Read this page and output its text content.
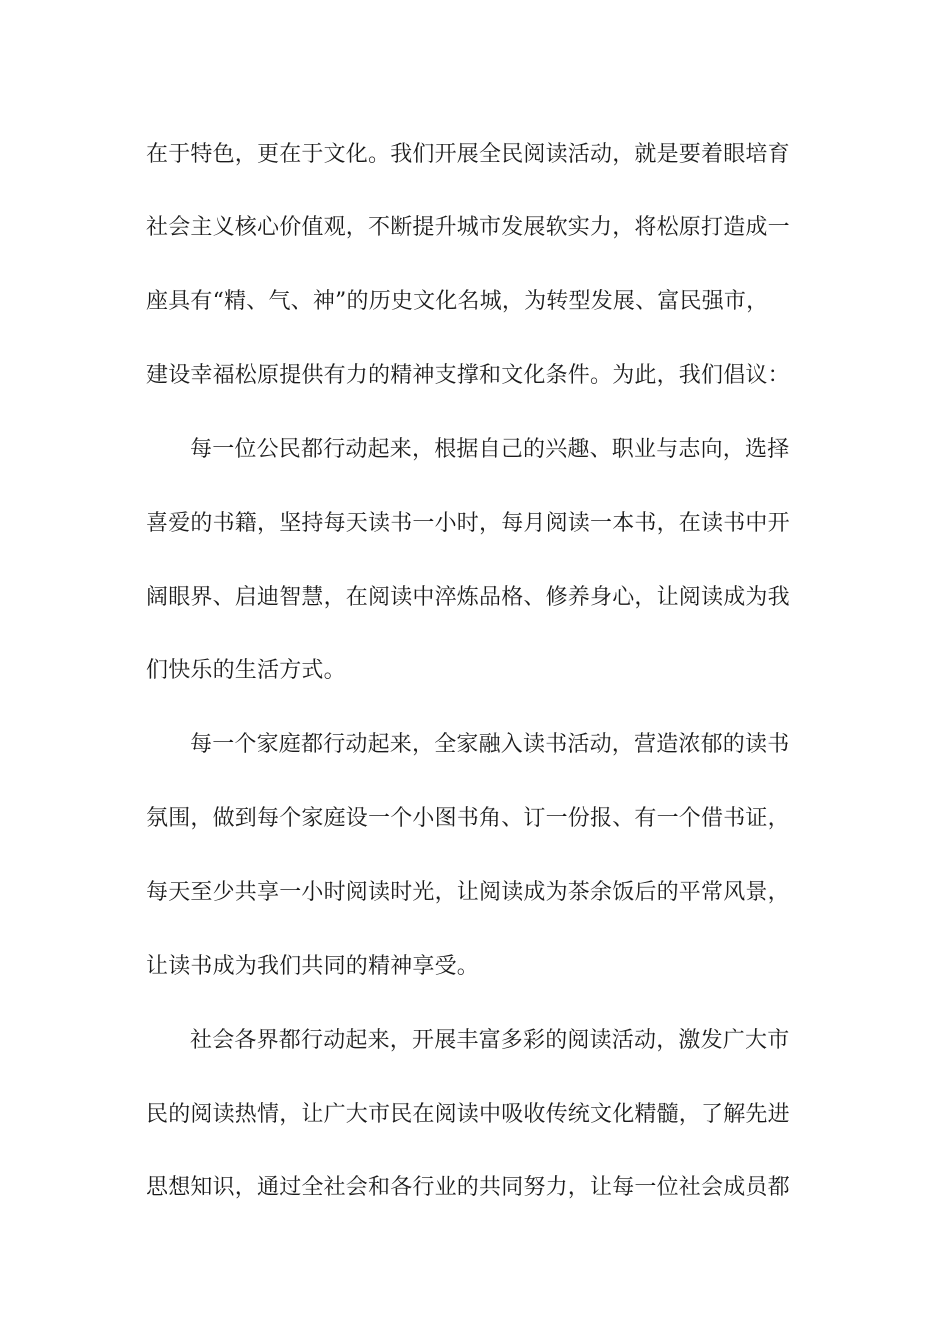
在于特色，更在于文化。我们开展全民阅读活动，就是要着眼培育
社会主义核心价值观，不断提升城市发展软实力，将松原打造成一
座具有“精、气、神”的历史文化名城，为转型发展、富民强市，
建设幸福松原提供有力的精神支撑和文化条件。为此，我们倡议：
每一位公民都行动起来，根据自己的兴趣、职业与志向，选择
喜爱的书籍，坚持每天读书一小时，每月阅读一本书，在读书中开
阔眼界、启迪智慧，在阅读中淬炼品格、修养身心，让阅读成为我
们快乐的生活方式。
每一个家庭都行动起来，全家融入读书活动，营造浓郁的读书
氛围，做到每个家庭设一个小图书角、订一份报、有一个借书证，
每天至少共享一小时阅读时光，让阅读成为茶余饭后的平常风景，
让读书成为我们共同的精神享受。
社会各界都行动起来，开展丰富多彩的阅读活动，激发广大市
民的阅读热情，让广大市民在阅读中吸收传统文化精髓，了解先进
思想知识，通过全社会和各行业的共同努力，让每一位社会成员都
